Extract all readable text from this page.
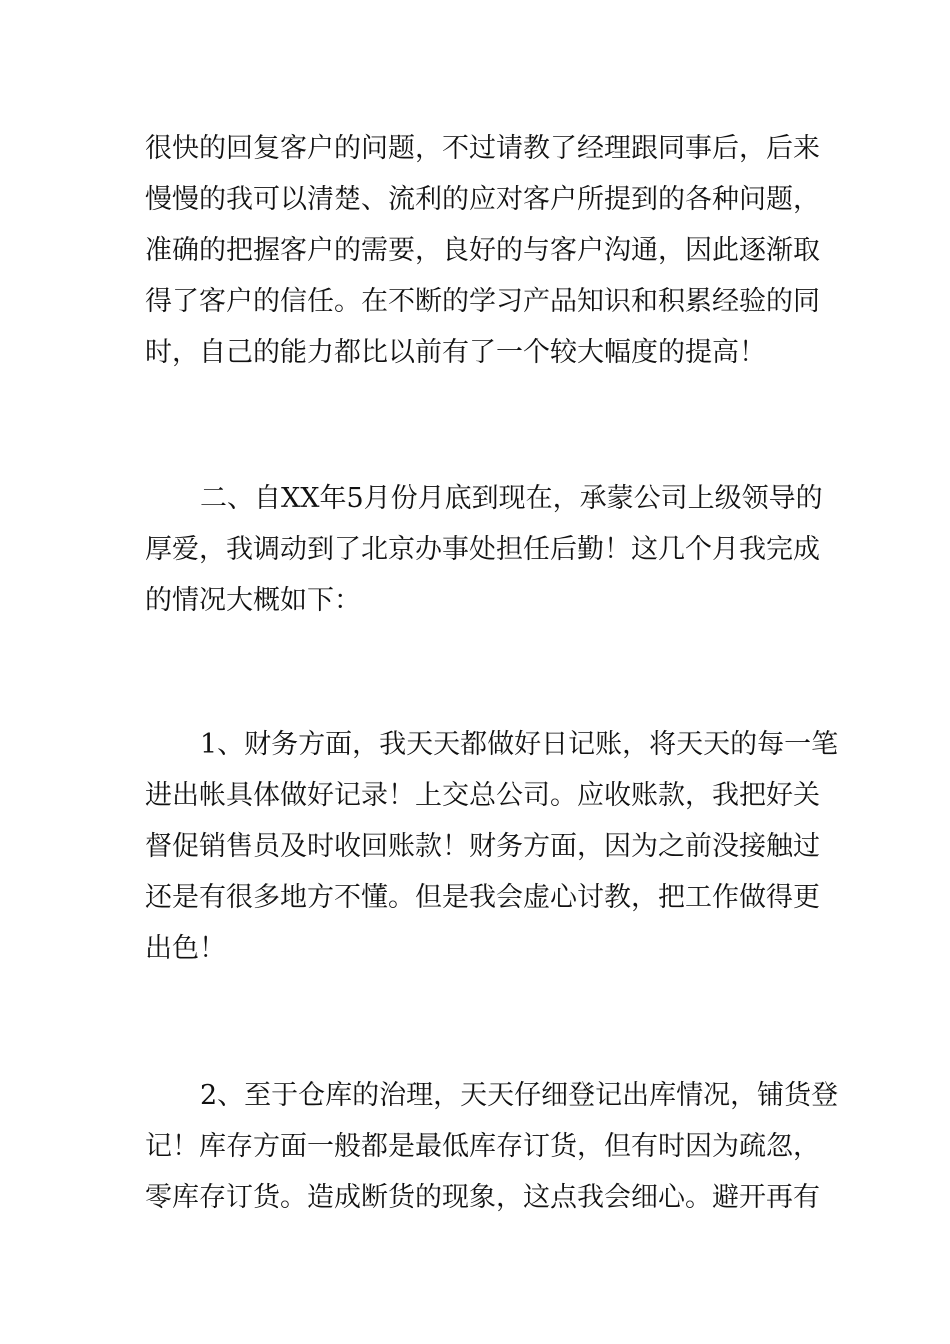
很快的回复客户的问题，不过请教了经理跟同事后，后来
慢慢的我可以清楚、流利的应对客户所提到的各种问题，
准确的把握客户的需要，良好的与客户沟通，因此逐渐取
得了客户的信任。在不断的学习产品知识和积累经验的同
时，自己的能力都比以前有了一个较大幅度的提高！
二、自XX年5月份月底到现在，承蒙公司上级领导的
厚爱，我调动到了北京办事处担任后勤！这几个月我完成
的情况大概如下：
1、财务方面，我天天都做好日记账，将天天的每一笔
进出帐具体做好记录！上交总公司。应收账款，我把好关
督促销售员及时收回账款！财务方面，因为之前没接触过
还是有很多地方不懂。但是我会虚心讨教，把工作做得更
出色！
2、至于仓库的治理，天天仔细登记出库情况，铺货登
记！库存方面一般都是最低库存订货，但有时因为疏忽，
零库存订货。造成断货的现象，这点我会细心。避开再有
